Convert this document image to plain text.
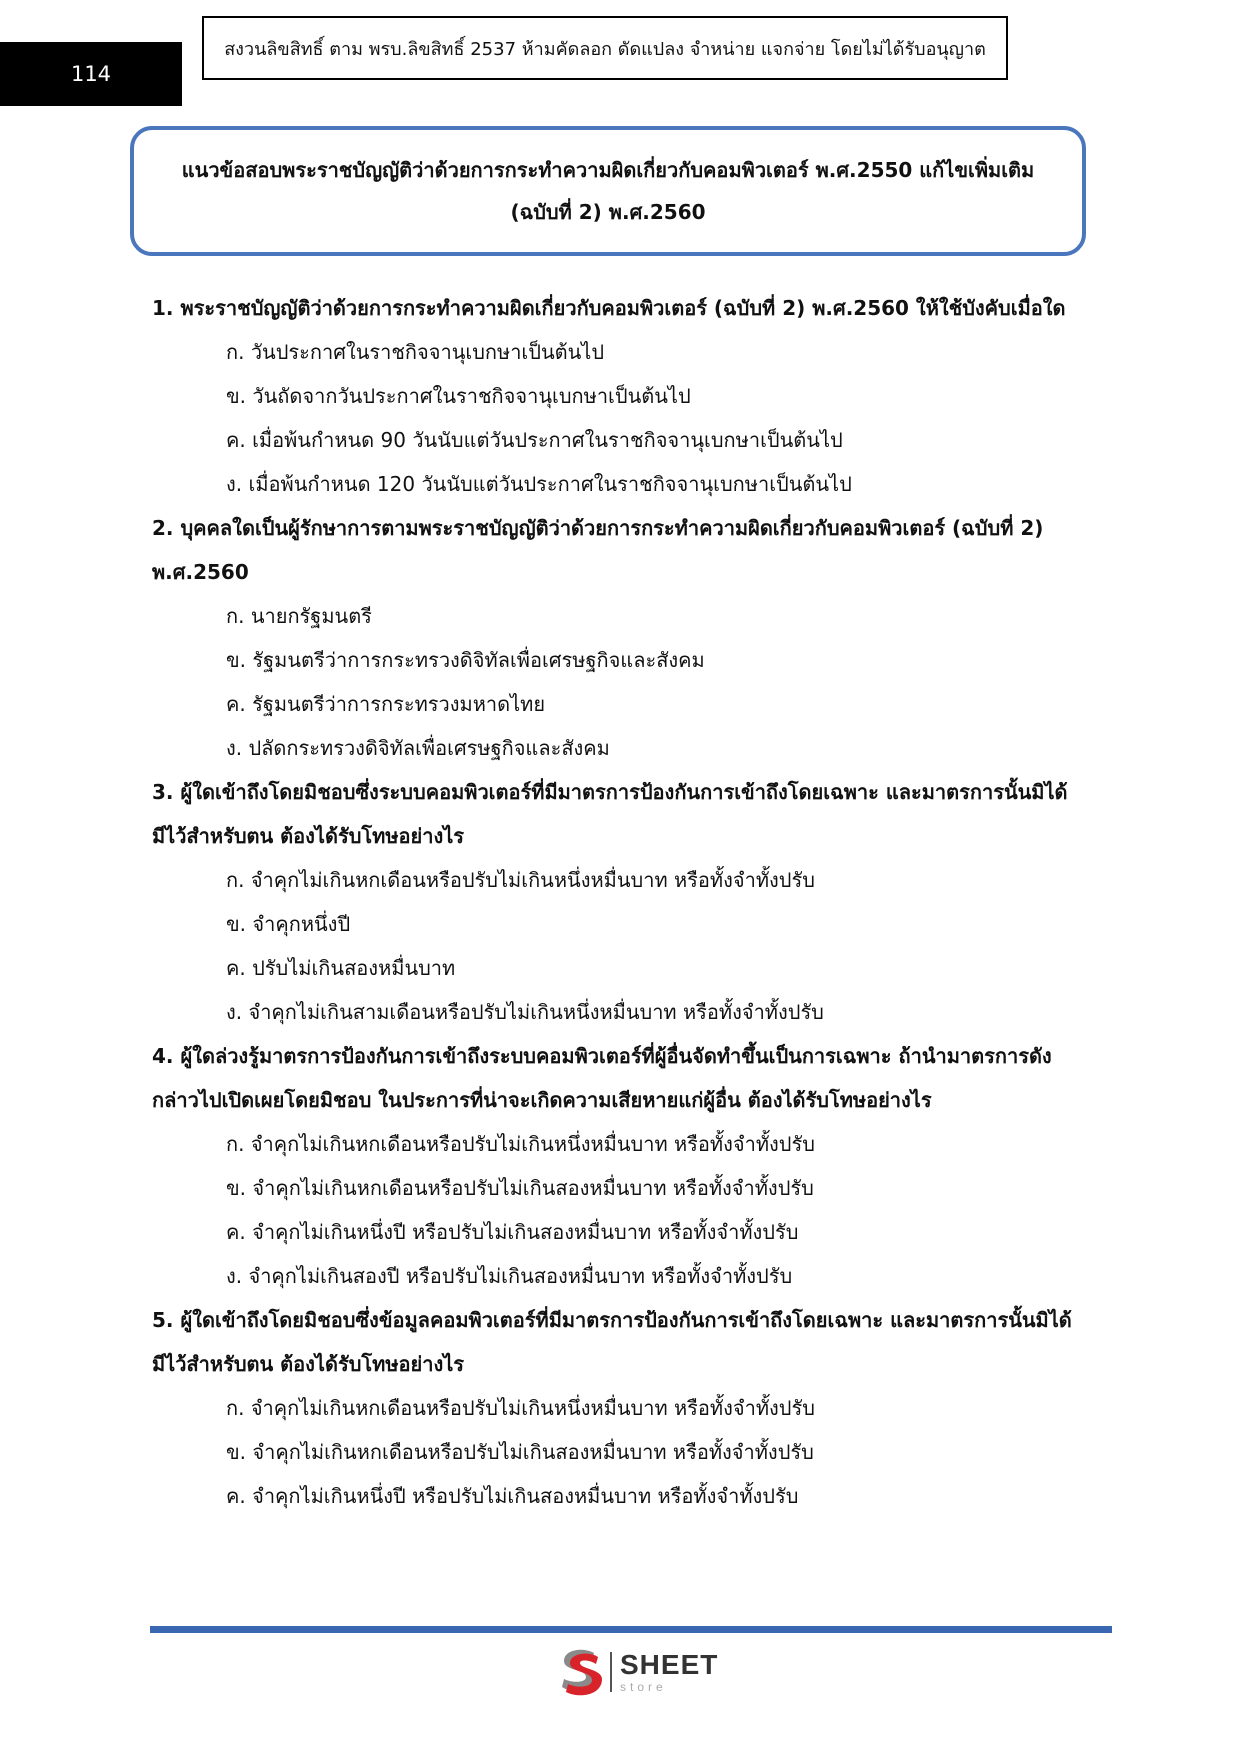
114
สงวนลิขสิทธิ์ ตาม พรบ.ลิขสิทธิ์ 2537 ห้ามคัดลอก ดัดแปลง จำหน่าย แจกจ่าย โดยไม่ได้รับอนุญาต
แนวข้อสอบพระราชบัญญัติว่าด้วยการกระทำความผิดเกี่ยวกับคอมพิวเตอร์ พ.ศ.2550 แก้ไขเพิ่มเติม
(ฉบับที่ 2) พ.ศ.2560

1. พระราชบัญญัติว่าด้วยการกระทำความผิดเกี่ยวกับคอมพิวเตอร์ (ฉบับที่ 2) พ.ศ.2560 ให้ใช้บังคับเมื่อใด

ก. วันประกาศในราชกิจจานุเบกษาเป็นต้นไป
ข. วันถัดจากวันประกาศในราชกิจจานุเบกษาเป็นต้นไป
ค. เมื่อพ้นกำหนด 90 วันนับแต่วันประกาศในราชกิจจานุเบกษาเป็นต้นไป
ง. เมื่อพ้นกำหนด 120 วันนับแต่วันประกาศในราชกิจจานุเบกษาเป็นต้นไป

2. บุคคลใดเป็นผู้รักษาการตามพระราชบัญญัติว่าด้วยการกระทำความผิดเกี่ยวกับคอมพิวเตอร์ (ฉบับที่ 2) พ.ศ.2560

ก. นายกรัฐมนตรี
ข. รัฐมนตรีว่าการกระทรวงดิจิทัลเพื่อเศรษฐกิจและสังคม
ค. รัฐมนตรีว่าการกระทรวงมหาดไทย
ง. ปลัดกระทรวงดิจิทัลเพื่อเศรษฐกิจและสังคม

3. ผู้ใดเข้าถึงโดยมิชอบซึ่งระบบคอมพิวเตอร์ที่มีมาตรการป้องกันการเข้าถึงโดยเฉพาะ และมาตรการนั้นมิได้มีไว้สำหรับตน ต้องได้รับโทษอย่างไร

ก. จำคุกไม่เกินหกเดือนหรือปรับไม่เกินหนึ่งหมื่นบาท หรือทั้งจำทั้งปรับ
ข. จำคุกหนึ่งปี
ค. ปรับไม่เกินสองหมื่นบาท
ง. จำคุกไม่เกินสามเดือนหรือปรับไม่เกินหนึ่งหมื่นบาท หรือทั้งจำทั้งปรับ

4. ผู้ใดล่วงรู้มาตรการป้องกันการเข้าถึงระบบคอมพิวเตอร์ที่ผู้อื่นจัดทำขึ้นเป็นการเฉพาะ ถ้านำมาตรการดังกล่าวไปเปิดเผยโดยมิชอบ ในประการที่น่าจะเกิดความเสียหายแก่ผู้อื่น ต้องได้รับโทษอย่างไร

ก. จำคุกไม่เกินหกเดือนหรือปรับไม่เกินหนึ่งหมื่นบาท หรือทั้งจำทั้งปรับ
ข. จำคุกไม่เกินหกเดือนหรือปรับไม่เกินสองหมื่นบาท หรือทั้งจำทั้งปรับ
ค. จำคุกไม่เกินหนึ่งปี หรือปรับไม่เกินสองหมื่นบาท หรือทั้งจำทั้งปรับ
ง. จำคุกไม่เกินสองปี หรือปรับไม่เกินสองหมื่นบาท หรือทั้งจำทั้งปรับ

5. ผู้ใดเข้าถึงโดยมิชอบซึ่งข้อมูลคอมพิวเตอร์ที่มีมาตรการป้องกันการเข้าถึงโดยเฉพาะ และมาตรการนั้นมิได้มีไว้สำหรับตน ต้องได้รับโทษอย่างไร

ก. จำคุกไม่เกินหกเดือนหรือปรับไม่เกินหนึ่งหมื่นบาท หรือทั้งจำทั้งปรับ
ข. จำคุกไม่เกินหกเดือนหรือปรับไม่เกินสองหมื่นบาท หรือทั้งจำทั้งปรับ
ค. จำคุกไม่เกินหนึ่งปี หรือปรับไม่เกินสองหมื่นบาท หรือทั้งจำทั้งปรับ
SHEET
store
